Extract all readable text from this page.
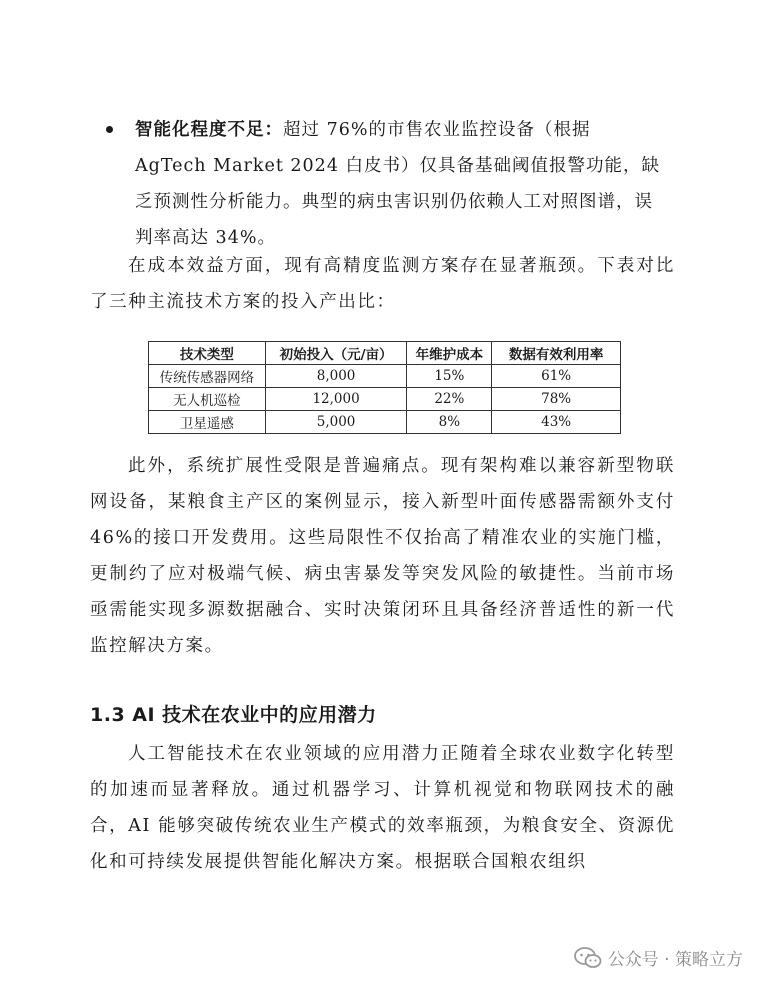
智能化程度不足：超过 76%的市售农业监控设备（根据 AgTech Market 2024 白皮书）仅具备基础阈值报警功能，缺乏预测性分析能力。典型的病虫害识别仍依赖人工对照图谱，误判率高达 34%。

在成本效益方面，现有高精度监测方案存在显著瓶颈。下表对比了三种主流技术方案的投入产出比：

技术类型	初始投入（元/亩）	年维护成本	数据有效利用率
传统传感器网络	8,000	15%	61%
无人机巡检	12,000	22%	78%
卫星遥感	5,000	8%	43%

此外，系统扩展性受限是普遍痛点。现有架构难以兼容新型物联网设备，某粮食主产区的案例显示，接入新型叶面传感器需额外支付 46%的接口开发费用。这些局限性不仅抬高了精准农业的实施门槛，更制约了应对极端气候、病虫害暴发等突发风险的敏捷性。当前市场亟需能实现多源数据融合、实时决策闭环且具备经济普适性的新一代监控解决方案。

1.3 AI 技术在农业中的应用潜力

人工智能技术在农业领域的应用潜力正随着全球农业数字化转型的加速而显著释放。通过机器学习、计算机视觉和物联网技术的融合，AI 能够突破传统农业生产模式的效率瓶颈，为粮食安全、资源优化和可持续发展提供智能化解决方案。根据联合国粮农组织

公众号 · 策略立方
